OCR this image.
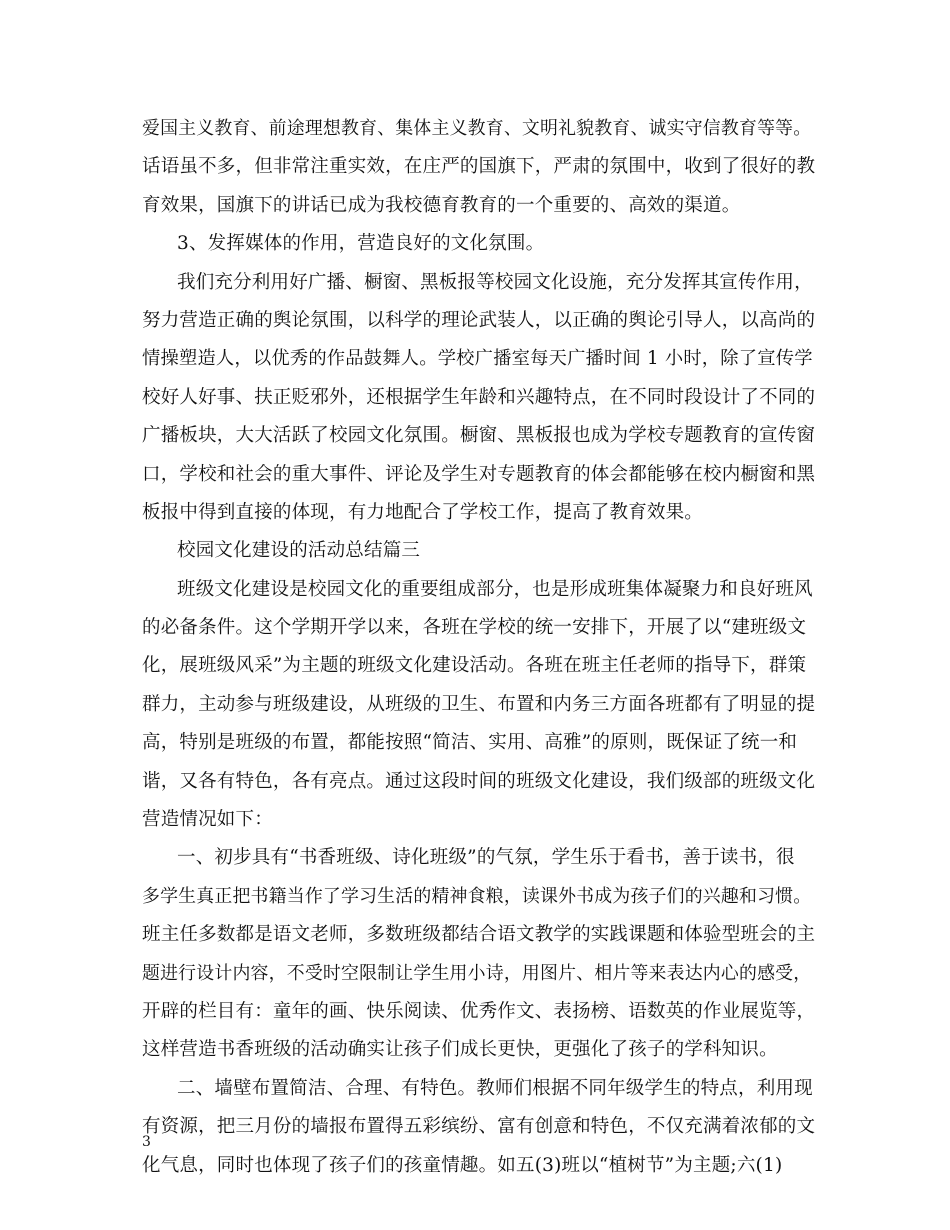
爱国主义教育、前途理想教育、集体主义教育、文明礼貌教育、诚实守信教育等等。
话语虽不多，但非常注重实效，在庄严的国旗下，严肃的氛围中，收到了很好的教
育效果，国旗下的讲话已成为我校德育教育的一个重要的、高效的渠道。
3、发挥媒体的作用，营造良好的文化氛围。
我们充分利用好广播、橱窗、黑板报等校园文化设施，充分发挥其宣传作用，
努力营造正确的舆论氛围，以科学的理论武装人，以正确的舆论引导人，以高尚的
情操塑造人，以优秀的作品鼓舞人。学校广播室每天广播时间 1 小时，除了宣传学
校好人好事、扶正贬邪外，还根据学生年龄和兴趣特点，在不同时段设计了不同的
广播板块，大大活跃了校园文化氛围。橱窗、黑板报也成为学校专题教育的宣传窗
口，学校和社会的重大事件、评论及学生对专题教育的体会都能够在校内橱窗和黑
板报中得到直接的体现，有力地配合了学校工作，提高了教育效果。
校园文化建设的活动总结篇三
班级文化建设是校园文化的重要组成部分，也是形成班集体凝聚力和良好班风
的必备条件。这个学期开学以来，各班在学校的统一安排下，开展了以“建班级文
化，展班级风采”为主题的班级文化建设活动。各班在班主任老师的指导下，群策
群力，主动参与班级建设，从班级的卫生、布置和内务三方面各班都有了明显的提
高，特别是班级的布置，都能按照“简洁、实用、高雅”的原则，既保证了统一和
谐，又各有特色，各有亮点。通过这段时间的班级文化建设，我们级部的班级文化
营造情况如下：
一、初步具有“书香班级、诗化班级”的气氛，学生乐于看书，善于读书，很
多学生真正把书籍当作了学习生活的精神食粮，读课外书成为孩子们的兴趣和习惯。
班主任多数都是语文老师，多数班级都结合语文教学的实践课题和体验型班会的主
题进行设计内容，不受时空限制让学生用小诗，用图片、相片等来表达内心的感受，
开辟的栏目有：童年的画、快乐阅读、优秀作文、表扬榜、语数英的作业展览等，
这样营造书香班级的活动确实让孩子们成长更快，更强化了孩子的学科知识。
二、墙壁布置简洁、合理、有特色。教师们根据不同年级学生的特点，利用现
有资源，把三月份的墙报布置得五彩缤纷、富有创意和特色，不仅充满着浓郁的文
化气息，同时也体现了孩子们的孩童情趣。如五(3)班以“植树节”为主题;六(1)
3
